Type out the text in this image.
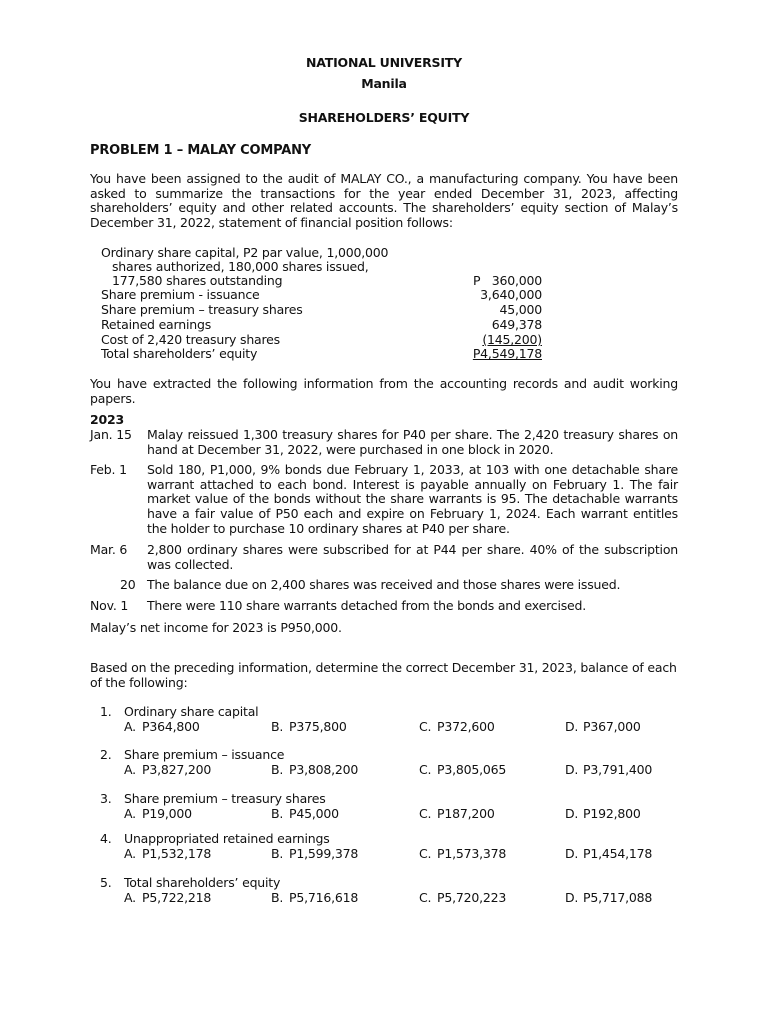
NATIONAL UNIVERSITY
Manila
SHAREHOLDERS’ EQUITY
PROBLEM 1 – MALAY COMPANY
You have been assigned to the audit of MALAY CO., a manufacturing company. You have been asked to summarize the transactions for the year ended December 31, 2023, affecting shareholders’ equity and other related accounts. The shareholders’ equity section of Malay’s December 31, 2022, statement of financial position follows:
Ordinary share capital, P2 par value, 1,000,000
shares authorized, 180,000 shares issued,
177,580 shares outstanding	P   360,000
Share premium - issuance	3,640,000
Share premium – treasury shares	45,000
Retained earnings	649,378
Cost of 2,420 treasury shares	(145,200)
Total shareholders’ equity	P4,549,178
You have extracted the following information from the accounting records and audit working papers.
2023
Jan. 15 Malay reissued 1,300 treasury shares for P40 per share. The 2,420 treasury shares on hand at December 31, 2022, were purchased in one block in 2020.
Feb. 1 Sold 180, P1,000, 9% bonds due February 1, 2033, at 103 with one detachable share warrant attached to each bond. Interest is payable annually on February 1. The fair market value of the bonds without the share warrants is 95. The detachable warrants have a fair value of P50 each and expire on February 1, 2024. Each warrant entitles the holder to purchase 10 ordinary shares at P40 per share.
Mar. 6 2,800 ordinary shares were subscribed for at P44 per share. 40% of the subscription was collected.
20 The balance due on 2,400 shares was received and those shares were issued.
Nov. 1 There were 110 share warrants detached from the bonds and exercised.
Malay’s net income for 2023 is P950,000.
Based on the preceding information, determine the correct December 31, 2023, balance of each of the following:
1. Ordinary share capital
A. P364,800	B. P375,800	C. P372,600	D. P367,000
2. Share premium – issuance
A. P3,827,200	B. P3,808,200	C. P3,805,065	D. P3,791,400
3. Share premium – treasury shares
A. P19,000	B. P45,000	C. P187,200	D. P192,800
4. Unappropriated retained earnings
A. P1,532,178	B. P1,599,378	C. P1,573,378	D. P1,454,178
5. Total shareholders’ equity
A. P5,722,218	B. P5,716,618	C. P5,720,223	D. P5,717,088
